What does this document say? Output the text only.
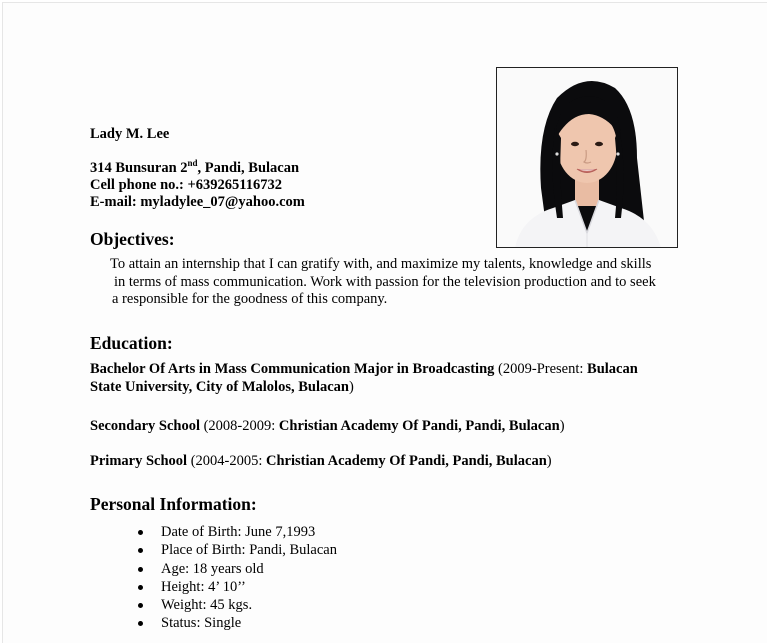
Lady M. Lee
314 Bunsuran 2nd, Pandi, Bulacan
Cell phone no.: +639265116732
E-mail: myladylee_07@yahoo.com
Objectives:
To attain an internship that I can gratify with, and maximize my talents, knowledge and skills
in terms of mass communication. Work with passion for the television production and to seek
a responsible for the goodness of this company.
Education:
Bachelor Of Arts in Mass Communication Major in Broadcasting (2009-Present: Bulacan
State University, City of Malolos, Bulacan)
Secondary School (2008-2009: Christian Academy Of Pandi, Pandi, Bulacan)
Primary School (2004-2005: Christian Academy Of Pandi, Pandi, Bulacan)
Personal Information:
Date of Birth: June 7,1993
Place of Birth: Pandi, Bulacan
Age: 18 years old
Height: 4’ 10’’
Weight: 45 kgs.
Status: Single
